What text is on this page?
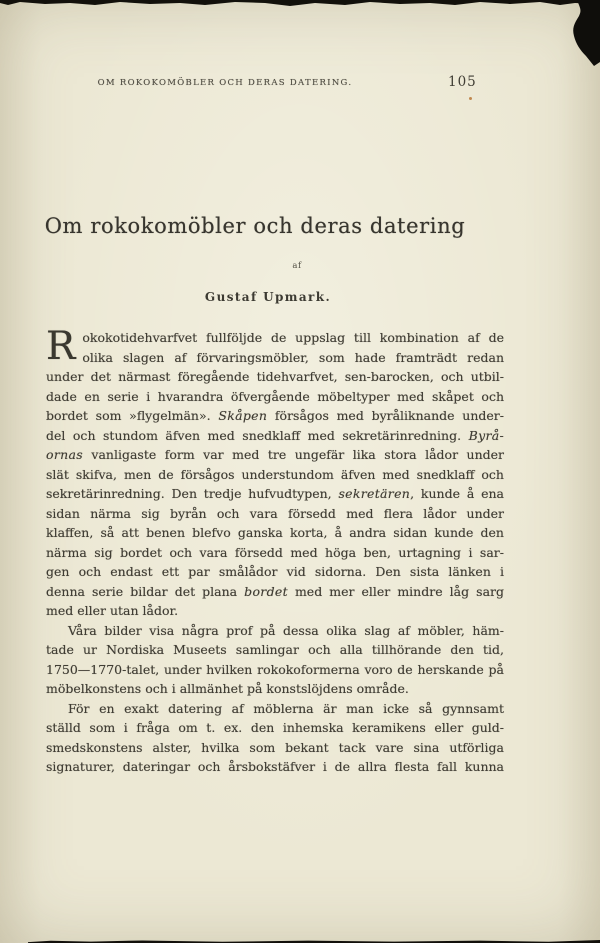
OM ROKOKOMÖBLER OCH DERAS DATERING.	105
Om rokokomöbler och deras datering
af
Gustaf Upmark.
R okokotidehvarfvet fullföljde de uppslag till kombination af de
olika slagen af förvaringsmöbler, som hade framträdt redan
under det närmast föregående tidehvarfvet, sen-barocken, och utbil-
dade en serie i hvarandra öfvergående möbeltyper med skåpet och
bordet som »flygelmän». Skåpen försågos med byråliknande under-
del och stundom äfven med snedklaff med sekretärinredning. Byrå-
ornas vanligaste form var med tre ungefär lika stora lådor under
slät skifva, men de försågos understundom äfven med snedklaff och
sekretärinredning. Den tredje hufvudtypen, sekretären, kunde å ena
sidan närma sig byrån och vara försedd med flera lådor under
klaffen, så att benen blefvo ganska korta, å andra sidan kunde den
närma sig bordet och vara försedd med höga ben, urtagning i sar-
gen och endast ett par smålådor vid sidorna. Den sista länken i
denna serie bildar det plana bordet med mer eller mindre låg sarg
med eller utan lådor.
Våra bilder visa några prof på dessa olika slag af möbler, häm-
tade ur Nordiska Museets samlingar och alla tillhörande den tid,
1750—1770-talet, under hvilken rokokoformerna voro de herskande på
möbelkonstens och i allmänhet på konstslöjdens område.
För en exakt datering af möblerna är man icke så gynnsamt
ställd som i fråga om t. ex. den inhemska keramikens eller guld-
smedskonstens alster, hvilka som bekant tack vare sina utförliga
signaturer, dateringar och årsbokstäfver i de allra flesta fall kunna
